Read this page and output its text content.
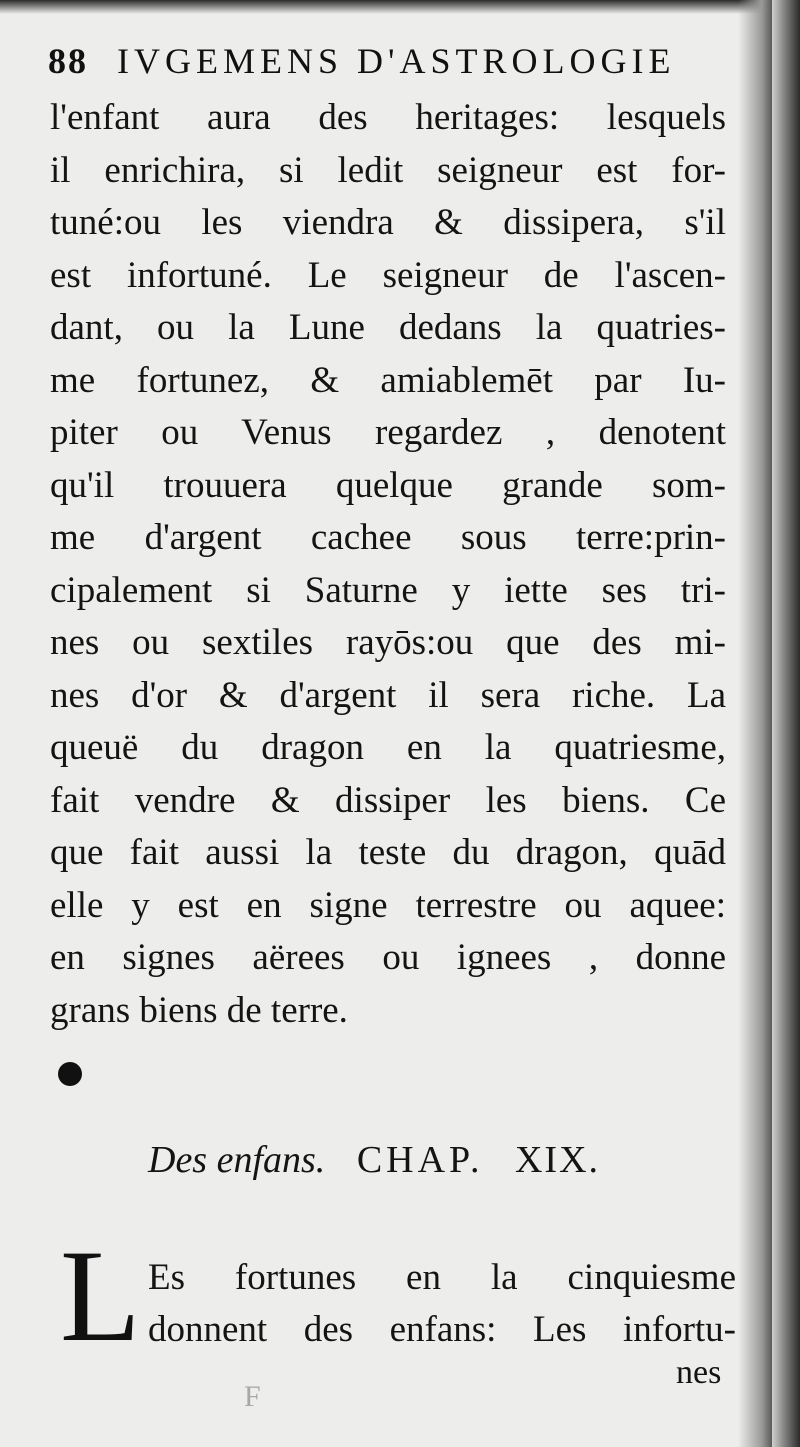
88 IVGEMENS D'ASTROLOGIE
l'enfant aura des heritages: lesquels
il enrichira, si ledit seigneur est for-
tuné:ou les viendra & dissipera, s'il
est infortuné. Le seigneur de l'ascen-
dant, ou la Lune dedans la quatries-
me fortunez, & amiablemēt par Iu-
piter ou Venus regardez , denotent
qu'il trouuera quelque grande som-
me d'argent cachee sous terre:prin-
cipalement si Saturne y iette ses tri-
nes ou sextiles rayōs:ou que des mi-
nes d'or & d'argent il sera riche. La
queuë du dragon en la quatriesme,
fait vendre & dissiper les biens. Ce
que fait aussi la teste du dragon, quād
elle y est en signe terrestre ou aquee:
en signes aërees ou ignees , donne
grans biens de terre.
Des enfans. CHAP. XIX.
L Es fortunes en la cinquiesme
donnent des enfans: Les infortu-
nes
F
